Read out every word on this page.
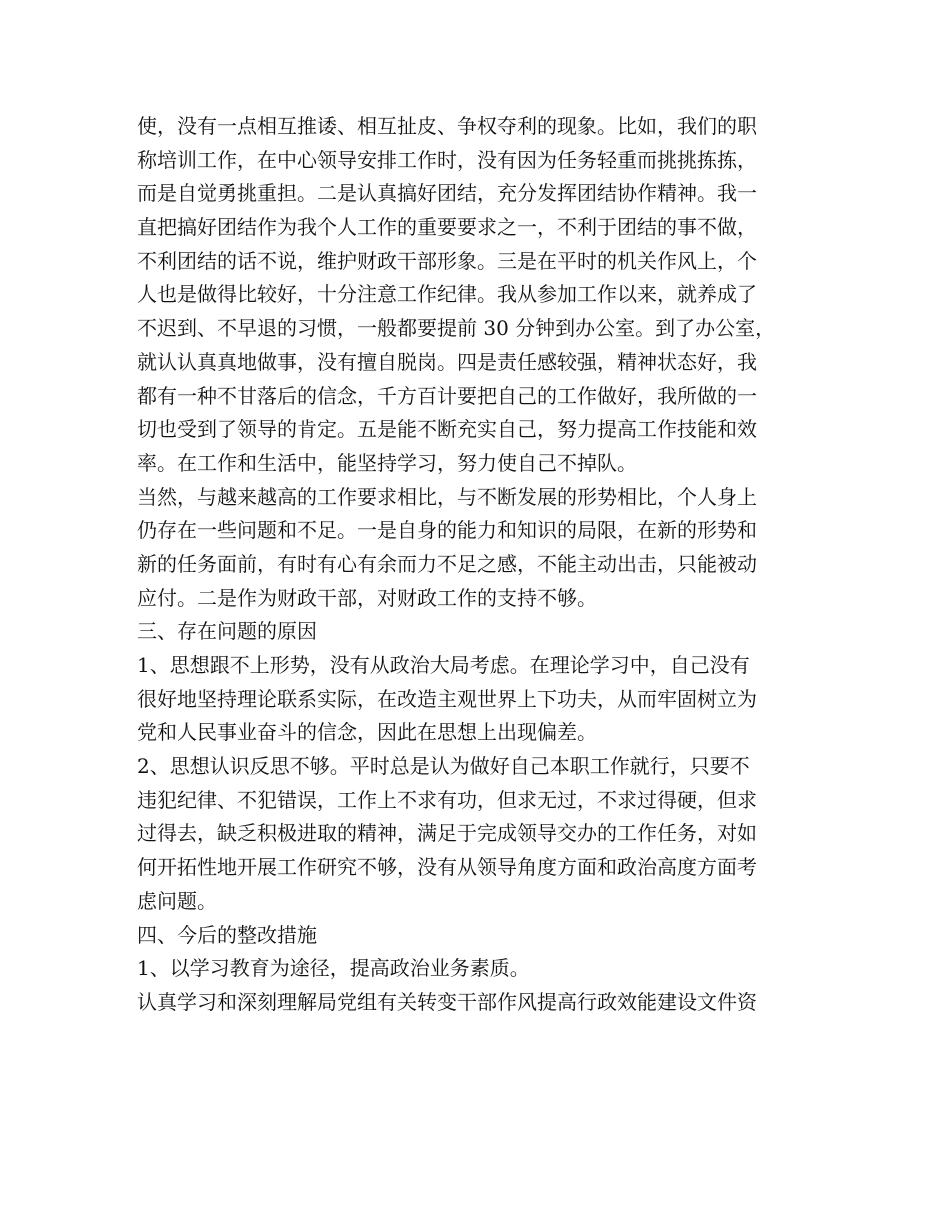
使，没有一点相互推诿、相互扯皮、争权夺利的现象。比如，我们的职
称培训工作，在中心领导安排工作时，没有因为任务轻重而挑挑拣拣，
而是自觉勇挑重担。二是认真搞好团结，充分发挥团结协作精神。我一
直把搞好团结作为我个人工作的重要要求之一，不利于团结的事不做，
不利团结的话不说，维护财政干部形象。三是在平时的机关作风上，个
人也是做得比较好，十分注意工作纪律。我从参加工作以来，就养成了
不迟到、不早退的习惯，一般都要提前 30 分钟到办公室。到了办公室，
就认认真真地做事，没有擅自脱岗。四是责任感较强，精神状态好，我
都有一种不甘落后的信念，千方百计要把自己的工作做好，我所做的一
切也受到了领导的肯定。五是能不断充实自己，努力提高工作技能和效
率。在工作和生活中，能坚持学习，努力使自己不掉队。
当然，与越来越高的工作要求相比，与不断发展的形势相比，个人身上
仍存在一些问题和不足。一是自身的能力和知识的局限，在新的形势和
新的任务面前，有时有心有余而力不足之感，不能主动出击，只能被动
应付。二是作为财政干部，对财政工作的支持不够。
三、存在问题的原因
1、思想跟不上形势，没有从政治大局考虑。在理论学习中，自己没有
很好地坚持理论联系实际，在改造主观世界上下功夫，从而牢固树立为
党和人民事业奋斗的信念，因此在思想上出现偏差。
2、思想认识反思不够。平时总是认为做好自己本职工作就行，只要不
违犯纪律、不犯错误，工作上不求有功，但求无过，不求过得硬，但求
过得去，缺乏积极进取的精神，满足于完成领导交办的工作任务，对如
何开拓性地开展工作研究不够，没有从领导角度方面和政治高度方面考
虑问题。
四、今后的整改措施
1、以学习教育为途径，提高政治业务素质。
认真学习和深刻理解局党组有关转变干部作风提高行政效能建设文件资
